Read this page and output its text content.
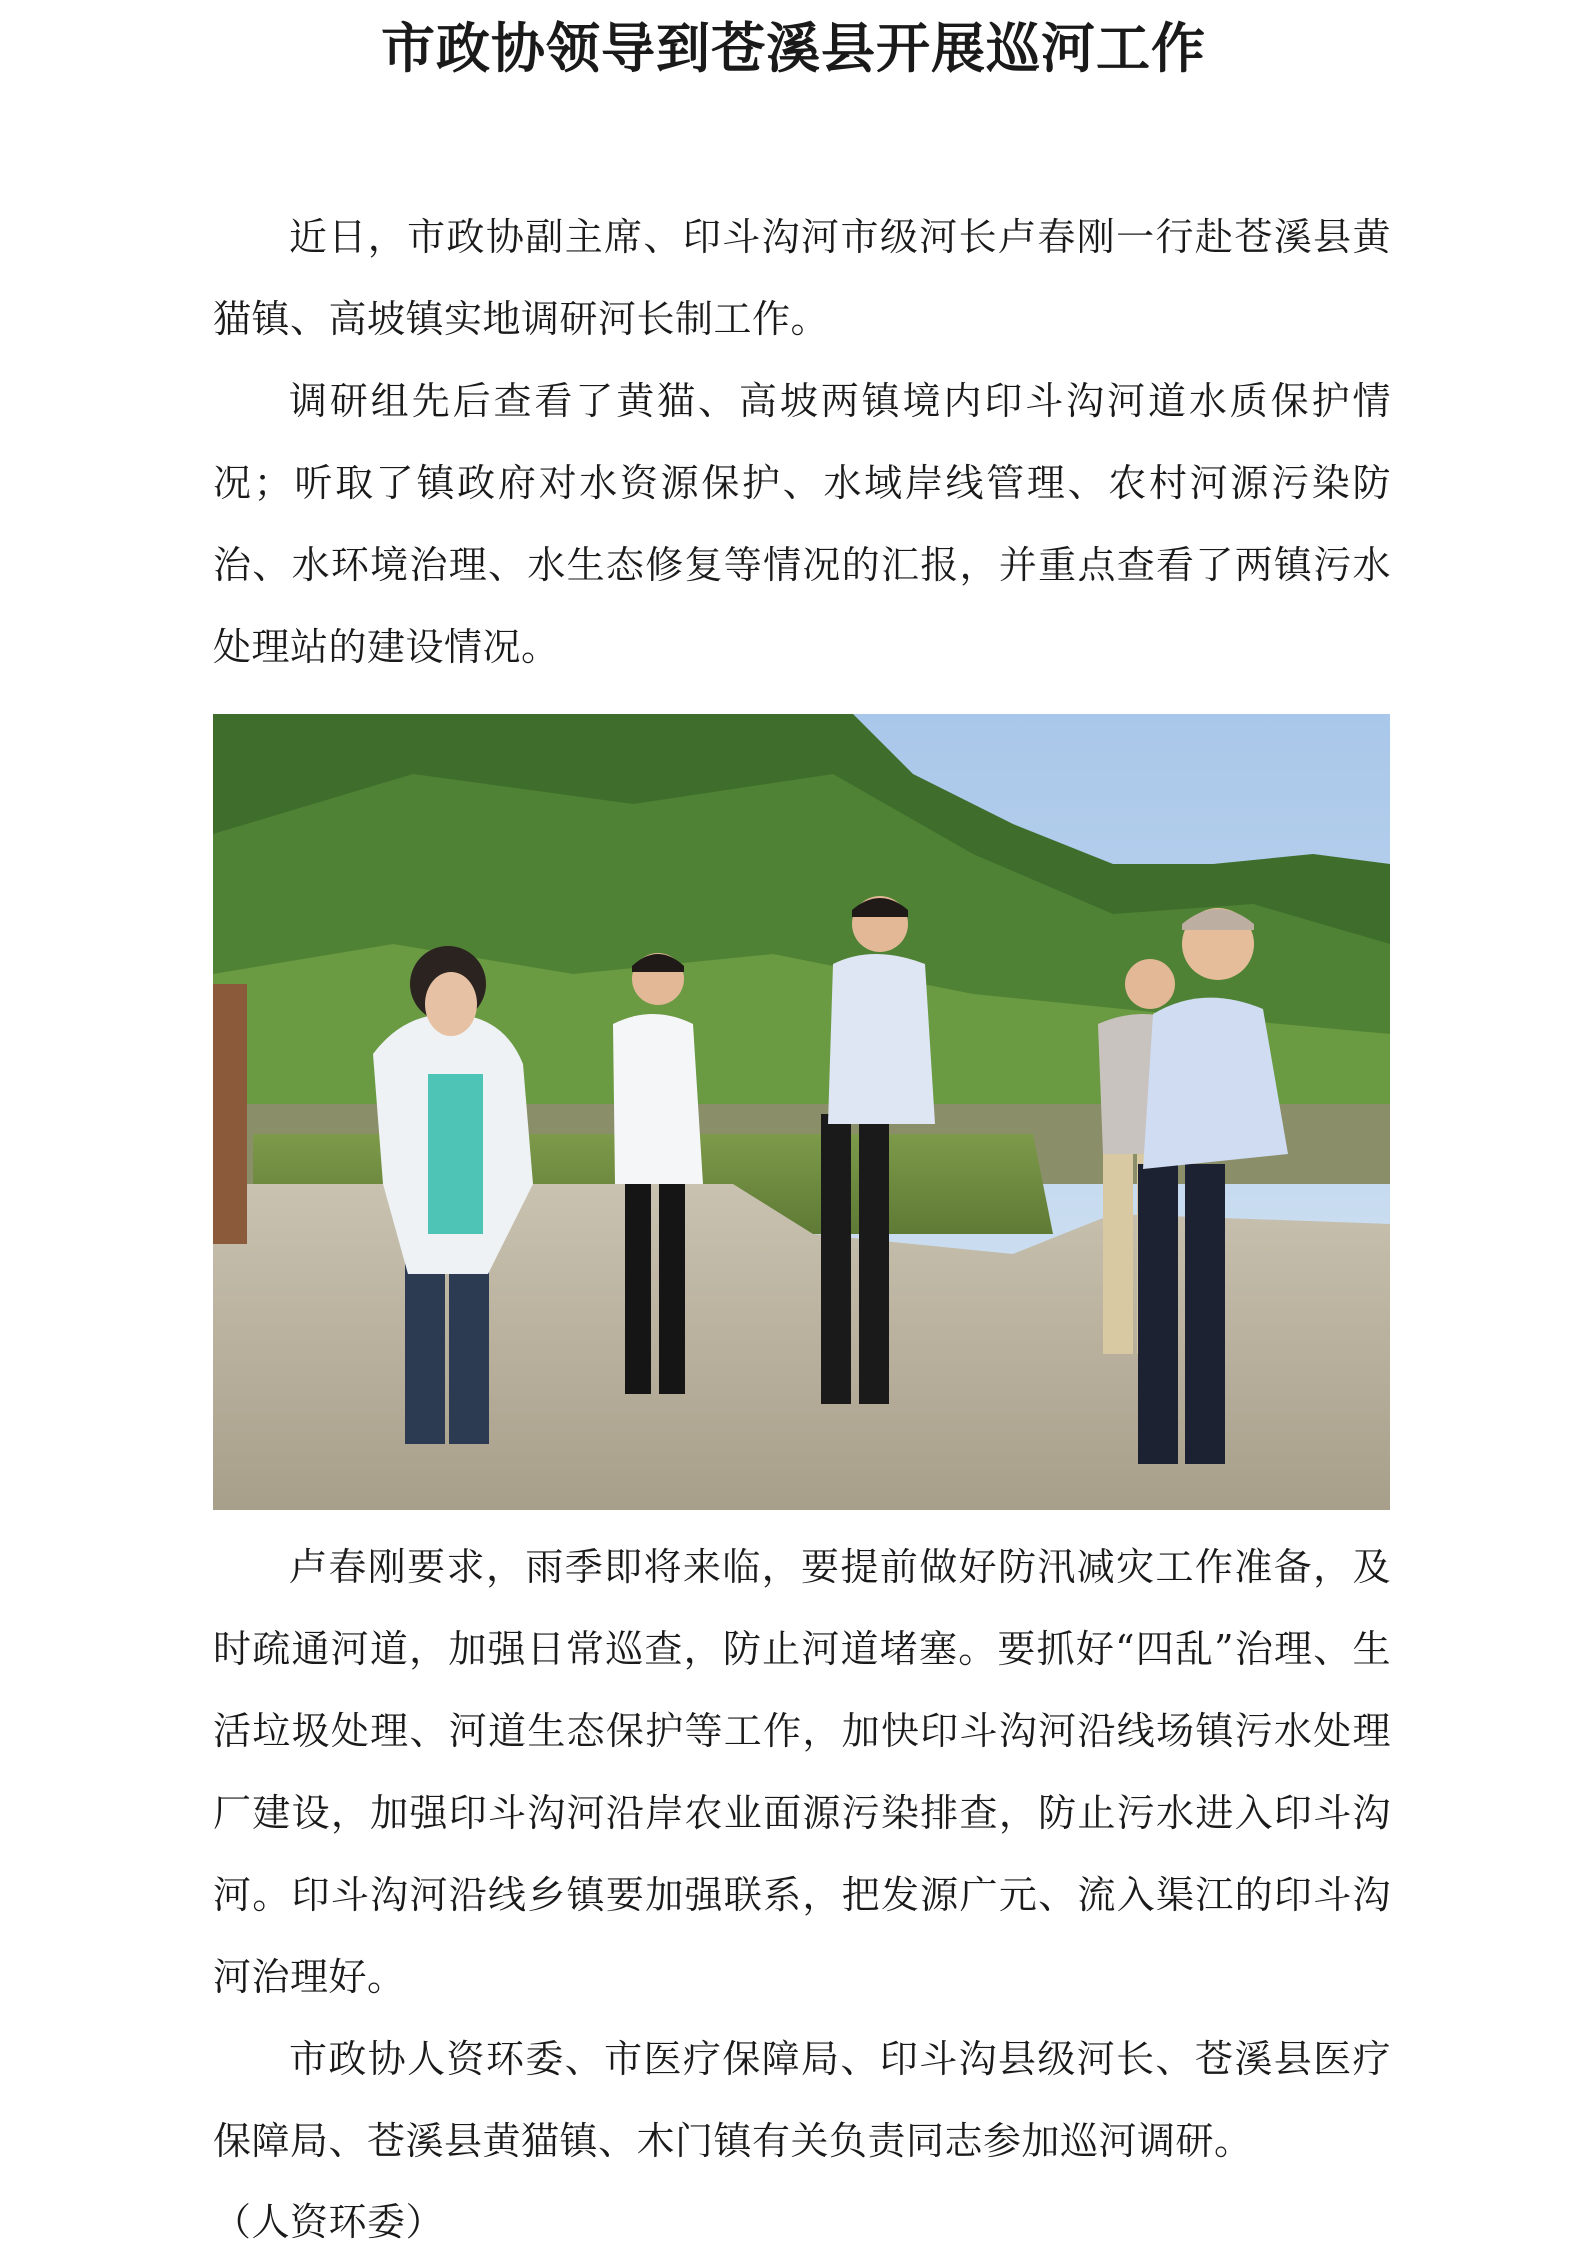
市政协领导到苍溪县开展巡河工作

近日，市政协副主席、印斗沟河市级河长卢春刚一行赴苍溪县黄猫镇、高坡镇实地调研河长制工作。

调研组先后查看了黄猫、高坡两镇境内印斗沟河道水质保护情况；听取了镇政府对水资源保护、水域岸线管理、农村河源污染防治、水环境治理、水生态修复等情况的汇报，并重点查看了两镇污水处理站的建设情况。

卢春刚要求，雨季即将来临，要提前做好防汛减灾工作准备，及时疏通河道，加强日常巡查，防止河道堵塞。要抓好“四乱”治理、生活垃圾处理、河道生态保护等工作，加快印斗沟河沿线场镇污水处理厂建设，加强印斗沟河沿岸农业面源污染排查，防止污水进入印斗沟河。印斗沟河沿线乡镇要加强联系，把发源广元、流入渠江的印斗沟河治理好。

市政协人资环委、市医疗保障局、印斗沟县级河长、苍溪县医疗保障局、苍溪县黄猫镇、木门镇有关负责同志参加巡河调研。

（人资环委）
